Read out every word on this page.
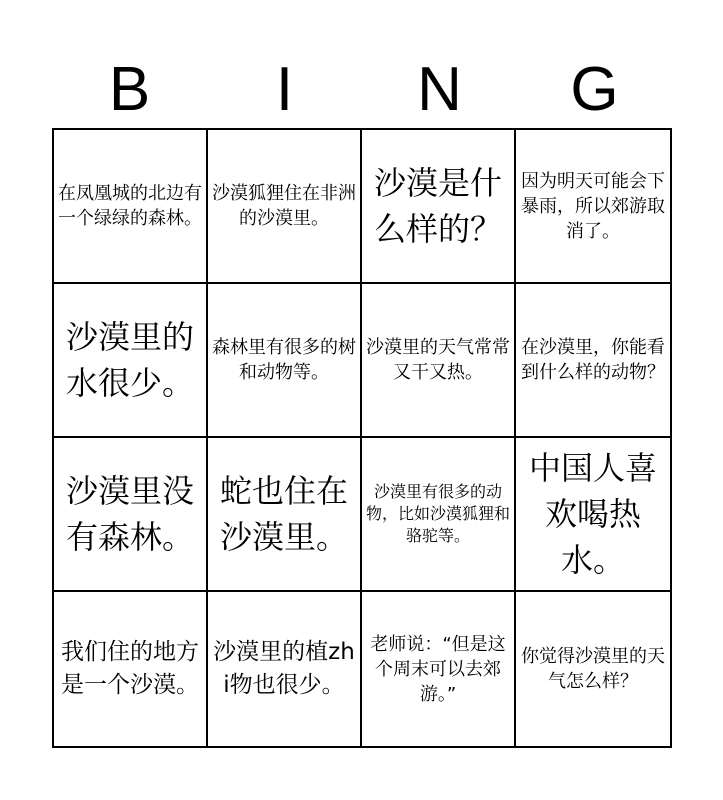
B	I	N	G
在凤凰城的北边有一个绿绿的森林。
沙漠狐狸住在非洲的沙漠里。
沙漠是什么样的？
因为明天可能会下暴雨，所以郊游取消了。
沙漠里的水很少。
森林里有很多的树和动物等。
沙漠里的天气常常又干又热。
在沙漠里，你能看到什么样的动物？
沙漠里没有森林。
蛇也住在沙漠里。
沙漠里有很多的动物，比如沙漠狐狸和骆驼等。
中国人喜欢喝热水。
我们住的地方是一个沙漠。
沙漠里的植zhi物也很少。
老师说：“但是这个周末可以去郊游。”
你觉得沙漠里的天气怎么样？
